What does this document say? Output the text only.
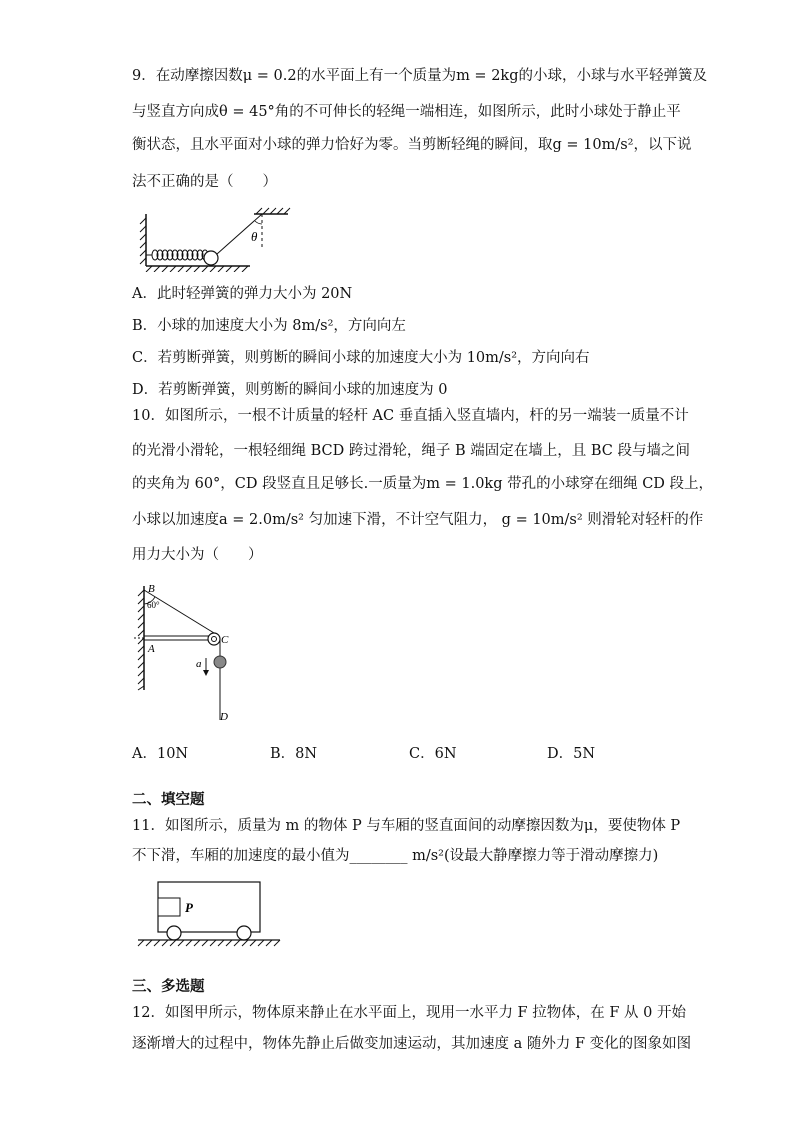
9．在动摩擦因数μ = 0.2的水平面上有一个质量为m = 2kg的小球，小球与水平轻弹簧及
与竖直方向成θ = 45°角的不可伸长的轻绳一端相连，如图所示，此时小球处于静止平
衡状态，且水平面对小球的弹力恰好为零。当剪断轻绳的瞬间，取g = 10m/s²，以下说
法不正确的是（　　）
θ
A．此时轻弹簧的弹力大小为 20N
B．小球的加速度大小为 8m/s²，方向向左
C．若剪断弹簧，则剪断的瞬间小球的加速度大小为 10m/s²，方向向右
D．若剪断弹簧，则剪断的瞬间小球的加速度为 0
10．如图所示，一根不计质量的轻杆 AC 垂直插入竖直墙内，杆的另一端装一质量不计
的光滑小滑轮，一根轻细绳 BCD 跨过滑轮，绳子 B 端固定在墙上，且 BC 段与墙之间
的夹角为 60°，CD 段竖直且足够长.一质量为m = 1.0kg 带孔的小球穿在细绳 CD 段上，
小球以加速度a = 2.0m/s² 匀加速下滑，不计空气阻力， g = 10m/s² 则滑轮对轻杆的作
用力大小为（　　）
B
60°
C
A
a
D
A．10N	B．8N	C．6N	D．5N
二、填空题
11．如图所示，质量为 m 的物体 P 与车厢的竖直面间的动摩擦因数为μ，要使物体 P
不下滑，车厢的加速度的最小值为________ m/s²(设最大静摩擦力等于滑动摩擦力)
P
三、多选题
12．如图甲所示，物体原来静止在水平面上，现用一水平力 F 拉物体，在 F 从 0 开始
逐渐增大的过程中，物体先静止后做变加速运动，其加速度 a 随外力 F 变化的图象如图
